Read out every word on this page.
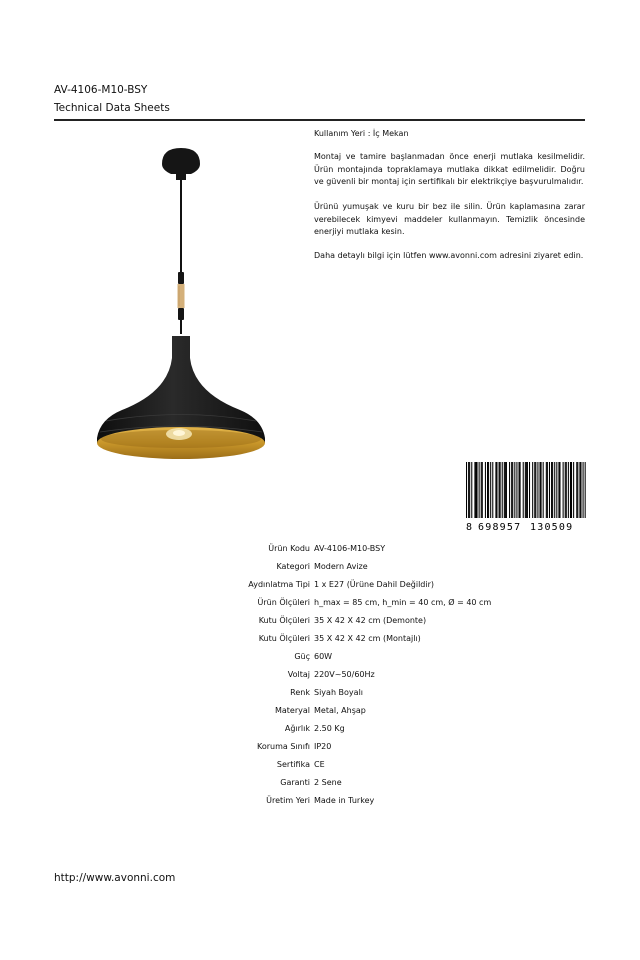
AV-4106-M10-BSY
Technical Data Sheets
Kullanım Yeri : İç Mekan
Montaj ve tamire başlanmadan önce enerji mutlaka kesilmelidir. Ürün montajında topraklamaya mutlaka dikkat edilmelidir. Doğru ve güvenli bir montaj için sertifikalı bir elektrikçiye başvurulmalıdır.
Ürünü yumuşak ve kuru bir bez ile silin. Ürün kaplamasına zarar verebilecek kimyevi maddeler kullanmayın. Temizlik öncesinde enerjiyi mutlaka kesin.
Daha detaylı bilgi için lütfen www.avonni.com adresini ziyaret edin.
8 698957 130509
Ürün Kodu AV-4106-M10-BSY
Kategori Modern Avize
Aydınlatma Tipi 1 x E27 (Ürüne Dahil Değildir)
Ürün Ölçüleri h_max = 85 cm, h_min = 40 cm, Ø = 40 cm
Kutu Ölçüleri 35 X 42 X 42 cm (Demonte)
Kutu Ölçüleri 35 X 42 X 42 cm (Montajlı)
Güç 60W
Voltaj 220V~50/60Hz
Renk Siyah Boyalı
Materyal Metal, Ahşap
Ağırlık 2.50 Kg
Koruma Sınıfı IP20
Sertifika CE
Garanti 2 Sene
Üretim Yeri Made in Turkey
http://www.avonni.com
